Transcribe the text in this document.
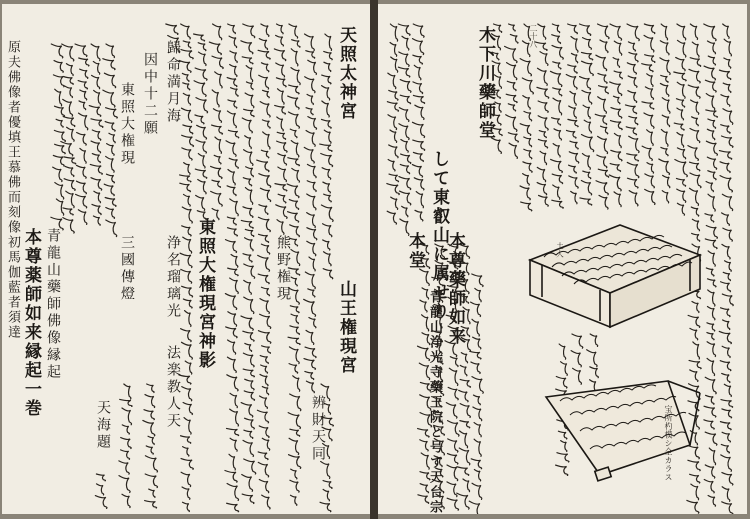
天照太神宮
山王権現宮
東照大権現宮神影
本尊薬師如来縁起一巻
歸命満月海
因中十二願
東照大権現
浄名瑠璃光
三國傳燈
法楽教人天
青龍山藥師佛像縁起
原夫佛像者優填王慕佛而刻像初馬伽藍者須達
辨財天同
熊野権現
天海題
木下川藥師堂
して東叡山に属せり
本堂 本尊藥師如来
青龍山浄光寺藥王院と号す天台宗
二十八
土人
宝所杓模シ全カラス
